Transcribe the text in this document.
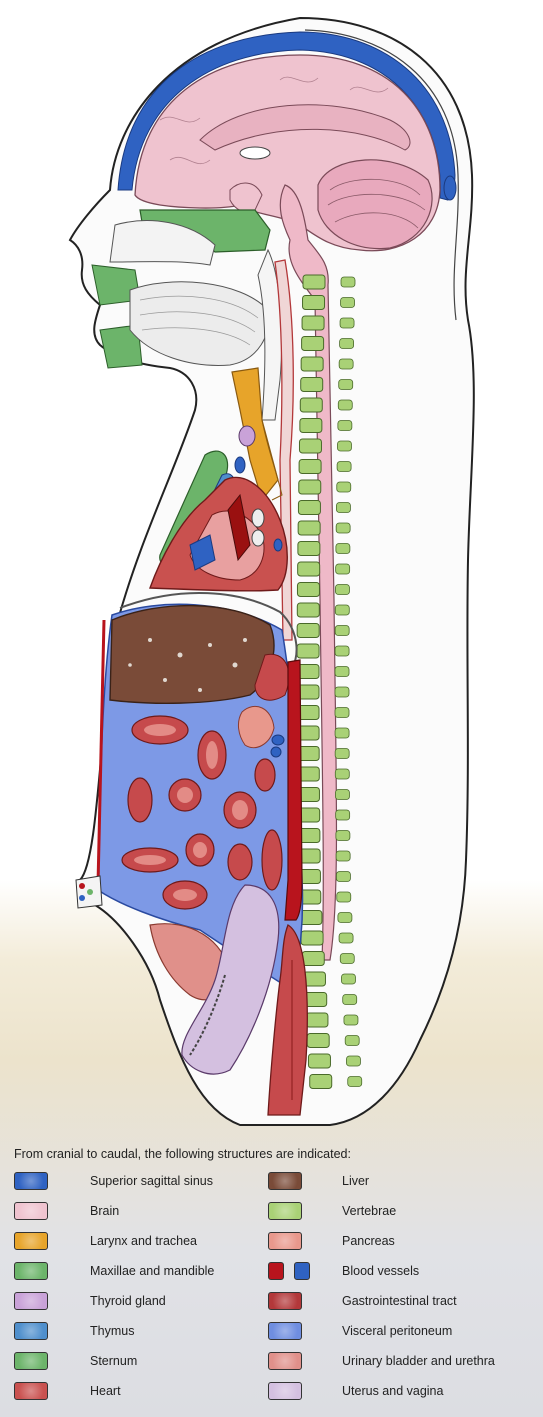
From cranial to caudal, the following structures are indicated:
Superior sagittal sinus
Brain
Larynx and trachea
Maxillae and mandible
Thyroid gland
Thymus
Sternum
Heart
Liver
Vertebrae
Pancreas
Blood vessels
Gastrointestinal tract
Visceral peritoneum
Urinary bladder and urethra
Uterus and vagina
